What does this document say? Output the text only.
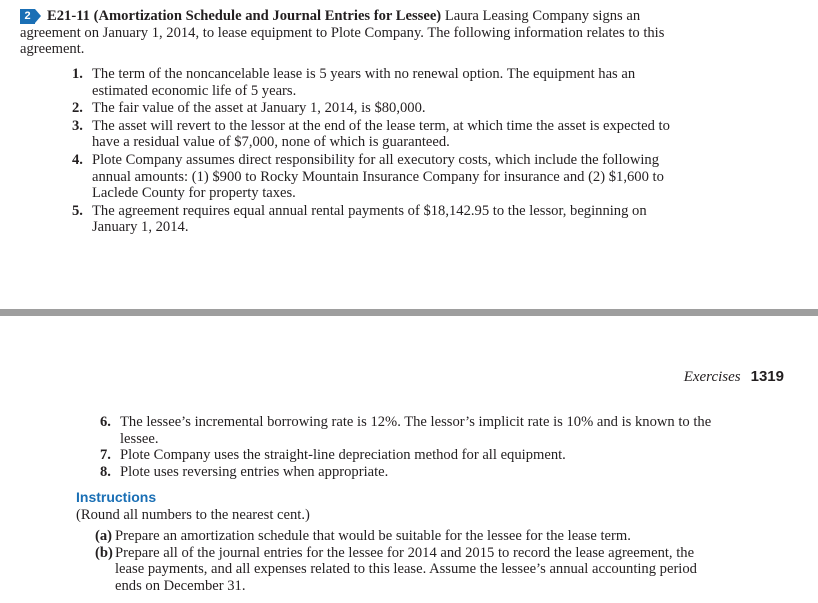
2 E21-11 (Amortization Schedule and Journal Entries for Lessee) Laura Leasing Company signs an agreement on January 1, 2014, to lease equipment to Plote Company. The following information relates to this agreement.
1. The term of the noncancelable lease is 5 years with no renewal option. The equipment has an estimated economic life of 5 years.
2. The fair value of the asset at January 1, 2014, is $80,000.
3. The asset will revert to the lessor at the end of the lease term, at which time the asset is expected to have a residual value of $7,000, none of which is guaranteed.
4. Plote Company assumes direct responsibility for all executory costs, which include the following annual amounts: (1) $900 to Rocky Mountain Insurance Company for insurance and (2) $1,600 to Laclede County for property taxes.
5. The agreement requires equal annual rental payments of $18,142.95 to the lessor, beginning on January 1, 2014.
Exercises 1319
6. The lessee’s incremental borrowing rate is 12%. The lessor’s implicit rate is 10% and is known to the lessee.
7. Plote Company uses the straight-line depreciation method for all equipment.
8. Plote uses reversing entries when appropriate.
Instructions
(Round all numbers to the nearest cent.)
(a) Prepare an amortization schedule that would be suitable for the lessee for the lease term.
(b) Prepare all of the journal entries for the lessee for 2014 and 2015 to record the lease agreement, the lease payments, and all expenses related to this lease. Assume the lessee’s annual accounting period ends on December 31.
